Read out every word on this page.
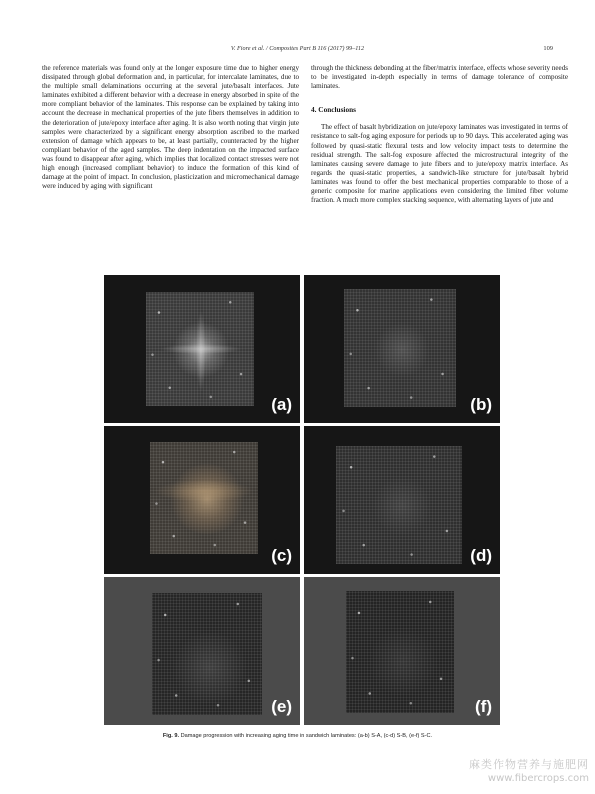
V. Fiore et al. / Composites Part B 116 (2017) 99–112	109

the reference materials was found only at the longer exposure time due to higher energy dissipated through global deformation and, in particular, for intercalate laminates, due to the multiple small delaminations occurring at the several jute/basalt interfaces. Jute laminates exhibited a different behavior with a decrease in energy absorbed in spite of the more compliant behavior of the laminates. This response can be explained by taking into account the decrease in mechanical properties of the jute fibers themselves in addition to the deterioration of jute/epoxy interface after aging. It is also worth noting that virgin jute samples were characterized by a significant energy absorption ascribed to the marked extension of damage which appears to be, at least partially, counteracted by the higher compliant behavior of the aged samples. The deep indentation on the impacted surface was found to disappear after aging, which implies that localized contact stresses were not high enough (increased compliant behavior) to induce the formation of this kind of damage at the point of impact. In conclusion, plasticization and micromechanical damage were induced by aging with significant

through the thickness debonding at the fiber/matrix interface, effects whose severity needs to be investigated in-depth especially in terms of damage tolerance of composite laminates.

4. Conclusions

The effect of basalt hybridization on jute/epoxy laminates was investigated in terms of resistance to salt-fog aging exposure for periods up to 90 days. This accelerated aging was followed by quasi-static flexural tests and low velocity impact tests to determine the residual strength. The salt-fog exposure affected the microstructural integrity of the laminates causing severe damage to jute fibers and to jute/epoxy matrix interface. As regards the quasi-static properties, a sandwich-like structure for jute/basalt hybrid laminates was found to offer the best mechanical properties comparable to those of a generic composite for marine applications even considering the limited fiber volume fraction. A much more complex stacking sequence, with alternating layers of jute and

(a)	(b)
(c)	(d)
(e)	(f)
Fig. 9. Damage progression with increasing aging time in sandwich laminates: (a-b) S-A, (c-d) S-B, (e-f) S-C.
麻类作物营养与施肥网
www.fibercrops.com
